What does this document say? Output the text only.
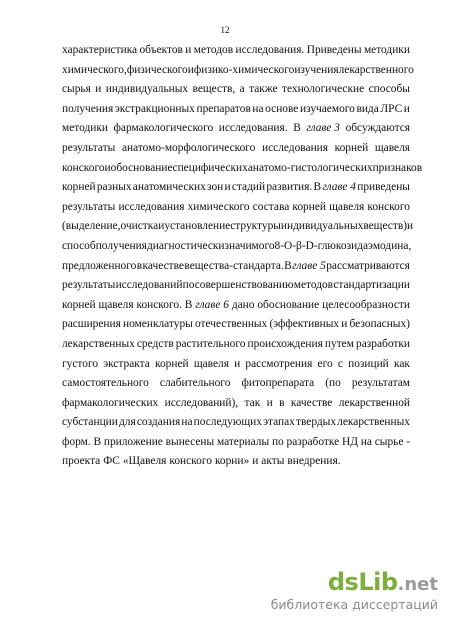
12
характеристика объектов и методов исследования. Приведены методики
химического, физического и физико-химического изучения лекарственного
сырья и индивидуальных веществ, а также технологические способы
получения экстракционных препаратов на основе изучаемого вида ЛРС и
методики фармакологического исследования. В главе 3 обсуждаются
результаты анатомо-морфологического исследования корней щавеля
конского и обоснование специфических анатомо-гистологических признаков
корней разных анатомических зон и стадий развития. В главе 4 приведены
результаты исследования химического состава корней щавеля конского
(выделение, очистка и установление структуры индивидуальных веществ) и
способ получения диагностически значимого 8-О-β-D-глюкозида эмодина,
предложенного в качестве вещества-стандарта. В главе 5 рассматриваются
результаты исследований по совершенствованию методов стандартизации
корней щавеля конского. В главе 6 дано обоснование целесообразности
расширения номенклатуры отечественных (эффективных и безопасных)
лекарственных средств растительного происхождения путем разработки
густого экстракта корней щавеля и рассмотрения его с позиций как
самостоятельного слабительного фитопрепарата (по результатам
фармакологических исследований), так и в качестве лекарственной
субстанции для создания на последующих этапах твердых лекарственных
форм. В приложение вынесены материалы по разработке НД на сырье -
проекта ФС «Щавеля конского корни» и акты внедрения.
dsLib .net
библиотека диссертаций
